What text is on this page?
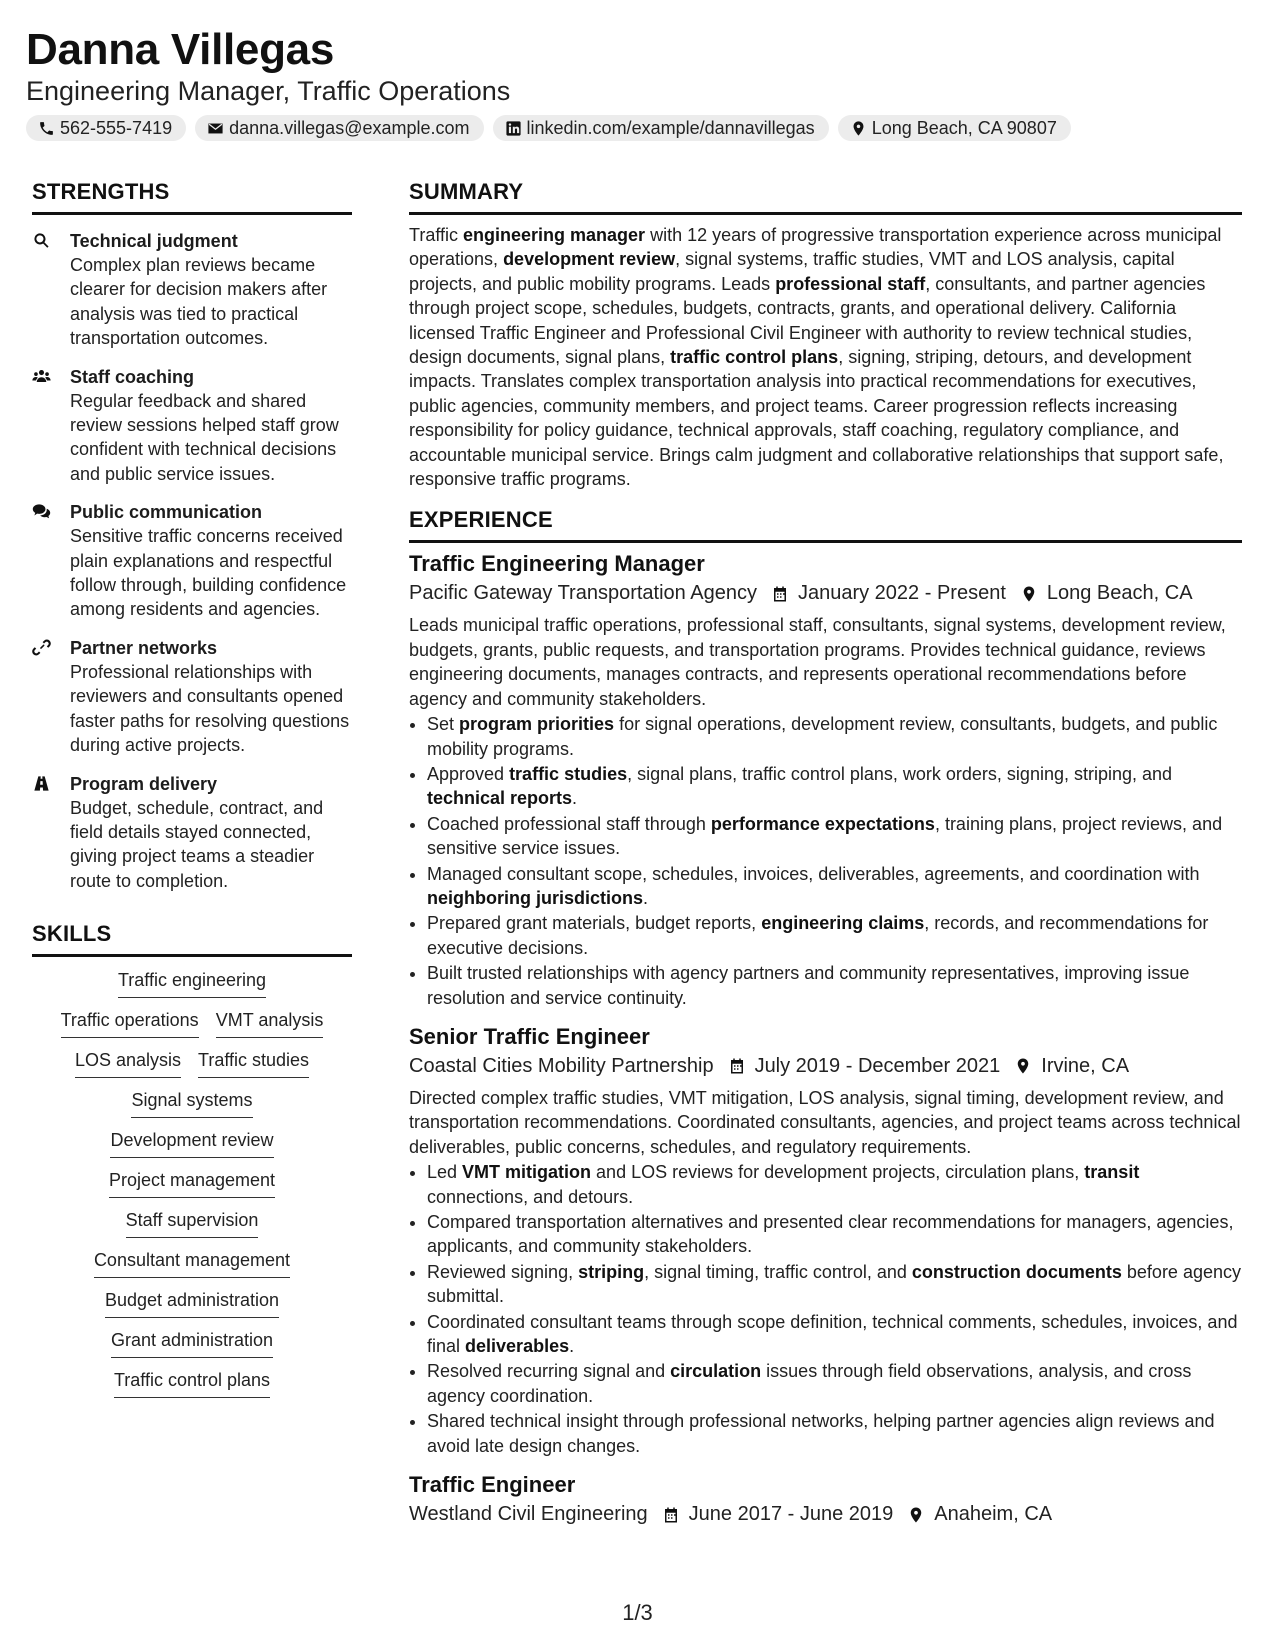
Danna Villegas
Engineering Manager, Traffic Operations
562-555-7419	danna.villegas@example.com	linkedin.com/example/dannavillegas	Long Beach, CA 90807
STRENGTHS
Technical judgment
Complex plan reviews became clearer for decision makers after analysis was tied to practical transportation outcomes.
Staff coaching
Regular feedback and shared review sessions helped staff grow confident with technical decisions and public service issues.
Public communication
Sensitive traffic concerns received plain explanations and respectful follow through, building confidence among residents and agencies.
Partner networks
Professional relationships with reviewers and consultants opened faster paths for resolving questions during active projects.
Program delivery
Budget, schedule, contract, and field details stayed connected, giving project teams a steadier route to completion.
SKILLS
Traffic engineering
Traffic operations VMT analysis
LOS analysis Traffic studies
Signal systems
Development review
Project management
Staff supervision
Consultant management
Budget administration
Grant administration
Traffic control plans
SUMMARY
Traffic engineering manager with 12 years of progressive transportation experience across municipal operations, development review, signal systems, traffic studies, VMT and LOS analysis, capital projects, and public mobility programs. Leads professional staff, consultants, and partner agencies through project scope, schedules, budgets, contracts, grants, and operational delivery. California licensed Traffic Engineer and Professional Civil Engineer with authority to review technical studies, design documents, signal plans, traffic control plans, signing, striping, detours, and development impacts. Translates complex transportation analysis into practical recommendations for executives, public agencies, community members, and project teams. Career progression reflects increasing responsibility for policy guidance, technical approvals, staff coaching, regulatory compliance, and accountable municipal service. Brings calm judgment and collaborative relationships that support safe, responsive traffic programs.
EXPERIENCE
Traffic Engineering Manager
Pacific Gateway Transportation Agency January 2022 - Present Long Beach, CA
Leads municipal traffic operations, professional staff, consultants, signal systems, development review, budgets, grants, public requests, and transportation programs. Provides technical guidance, reviews engineering documents, manages contracts, and represents operational recommendations before agency and community stakeholders.
• Set program priorities for signal operations, development review, consultants, budgets, and public mobility programs.
• Approved traffic studies, signal plans, traffic control plans, work orders, signing, striping, and technical reports.
• Coached professional staff through performance expectations, training plans, project reviews, and sensitive service issues.
• Managed consultant scope, schedules, invoices, deliverables, agreements, and coordination with neighboring jurisdictions.
• Prepared grant materials, budget reports, engineering claims, records, and recommendations for executive decisions.
• Built trusted relationships with agency partners and community representatives, improving issue resolution and service continuity.
Senior Traffic Engineer
Coastal Cities Mobility Partnership July 2019 - December 2021 Irvine, CA
Directed complex traffic studies, VMT mitigation, LOS analysis, signal timing, development review, and transportation recommendations. Coordinated consultants, agencies, and project teams across technical deliverables, public concerns, schedules, and regulatory requirements.
• Led VMT mitigation and LOS reviews for development projects, circulation plans, transit connections, and detours.
• Compared transportation alternatives and presented clear recommendations for managers, agencies, applicants, and community stakeholders.
• Reviewed signing, striping, signal timing, traffic control, and construction documents before agency submittal.
• Coordinated consultant teams through scope definition, technical comments, schedules, invoices, and final deliverables.
• Resolved recurring signal and circulation issues through field observations, analysis, and cross agency coordination.
• Shared technical insight through professional networks, helping partner agencies align reviews and avoid late design changes.
Traffic Engineer
Westland Civil Engineering June 2017 - June 2019 Anaheim, CA
1/3
